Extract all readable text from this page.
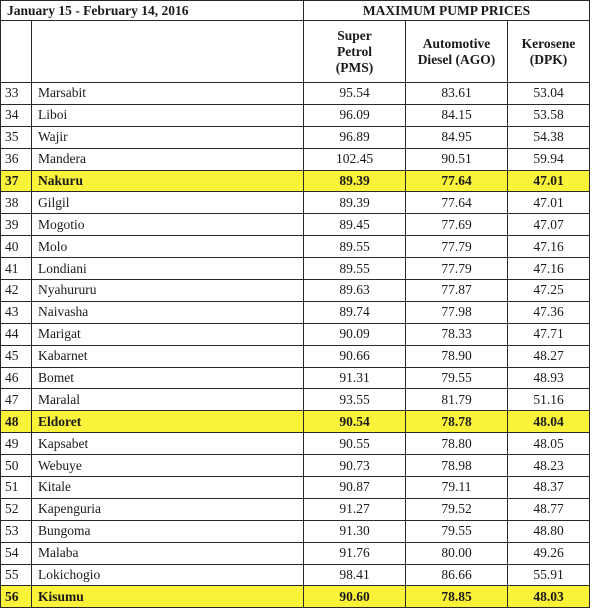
January 15 - February 14, 2016		MAXIMUM PUMP PRICES		
		Super
Petrol
(PMS)	Automotive
Diesel (AGO)	Kerosene
(DPK)
33	Marsabit	95.54	83.61	53.04
34	Liboi	96.09	84.15	53.58
35	Wajir	96.89	84.95	54.38
36	Mandera	102.45	90.51	59.94
37	Nakuru	89.39	77.64	47.01
38	Gilgil	89.39	77.64	47.01
39	Mogotio	89.45	77.69	47.07
40	Molo	89.55	77.79	47.16
41	Londiani	89.55	77.79	47.16
42	Nyahururu	89.63	77.87	47.25
43	Naivasha	89.74	77.98	47.36
44	Marigat	90.09	78.33	47.71
45	Kabarnet	90.66	78.90	48.27
46	Bomet	91.31	79.55	48.93
47	Maralal	93.55	81.79	51.16
48	Eldoret	90.54	78.78	48.04
49	Kapsabet	90.55	78.80	48.05
50	Webuye	90.73	78.98	48.23
51	Kitale	90.87	79.11	48.37
52	Kapenguria	91.27	79.52	48.77
53	Bungoma	91.30	79.55	48.80
54	Malaba	91.76	80.00	49.26
55	Lokichogio	98.41	86.66	55.91
56	Kisumu	90.60	78.85	48.03
